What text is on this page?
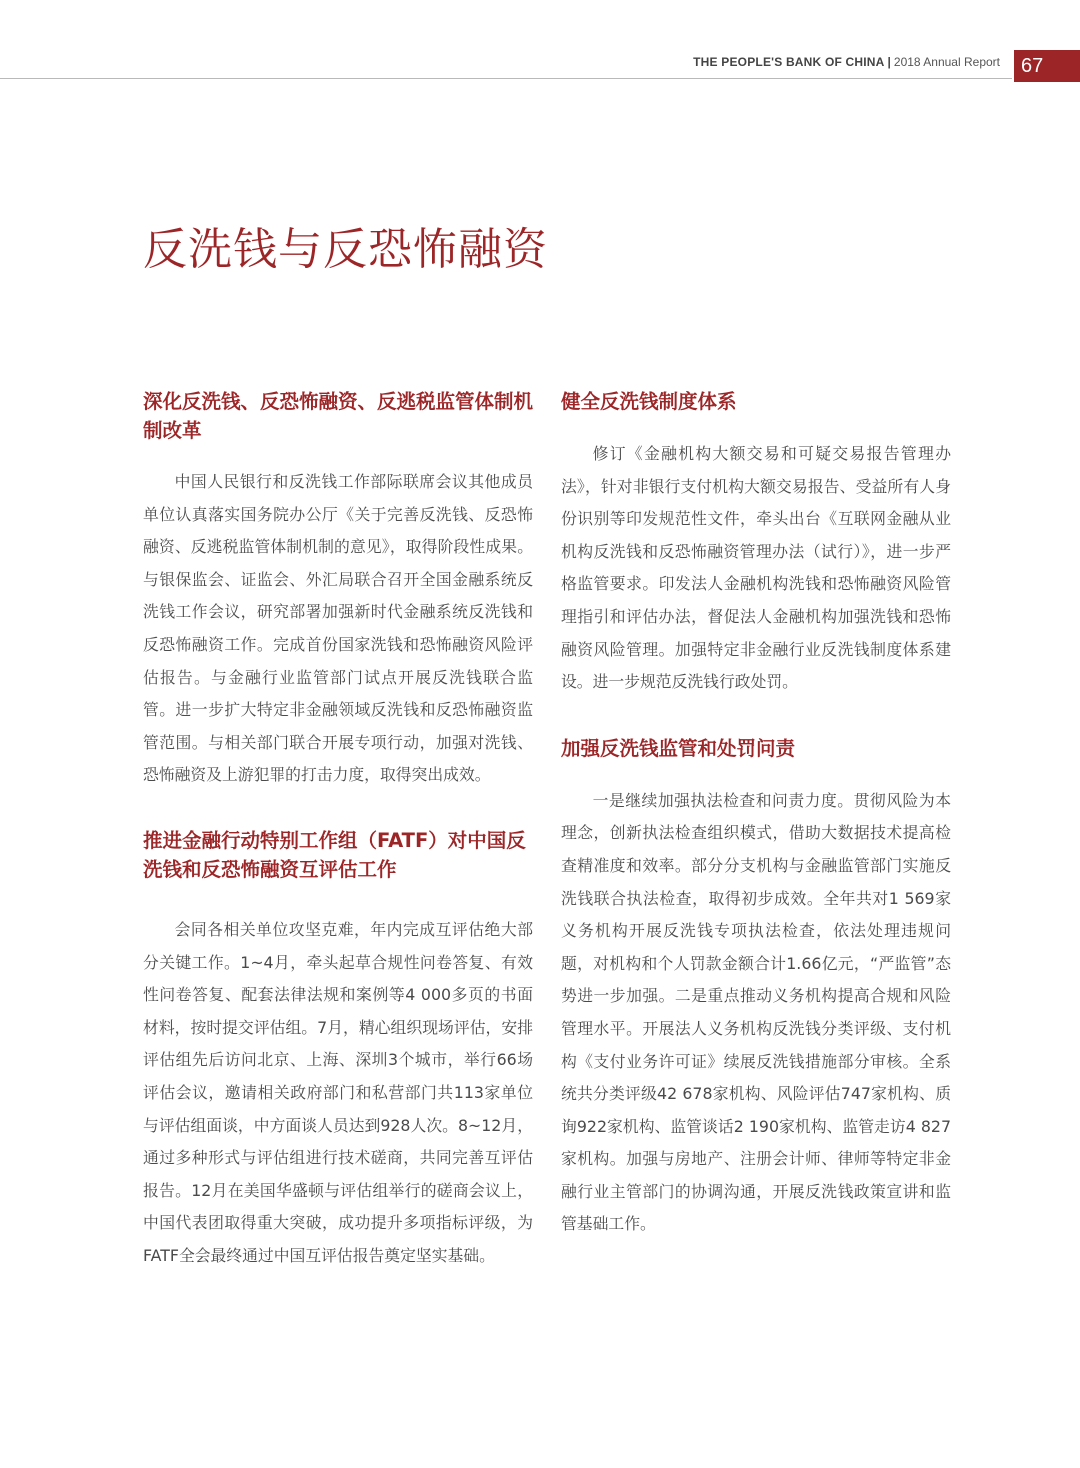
THE PEOPLE'S BANK OF CHINA | 2018 Annual Report	67
反洗钱与反恐怖融资
深化反洗钱、反恐怖融资、反逃税监管体制机制改革

中国人民银行和反洗钱工作部际联席会议其他成员单位认真落实国务院办公厅《关于完善反洗钱、反恐怖融资、反逃税监管体制机制的意见》，取得阶段性成果。与银保监会、证监会、外汇局联合召开全国金融系统反洗钱工作会议，研究部署加强新时代金融系统反洗钱和反恐怖融资工作。完成首份国家洗钱和恐怖融资风险评估报告。与金融行业监管部门试点开展反洗钱联合监管。进一步扩大特定非金融领域反洗钱和反恐怖融资监管范围。与相关部门联合开展专项行动，加强对洗钱、恐怖融资及上游犯罪的打击力度，取得突出成效。

推进金融行动特别工作组（FATF）对中国反洗钱和反恐怖融资互评估工作

会同各相关单位攻坚克难，年内完成互评估绝大部分关键工作。1~4月，牵头起草合规性问卷答复、有效性问卷答复、配套法律法规和案例等4 000多页的书面材料，按时提交评估组。7月，精心组织现场评估，安排评估组先后访问北京、上海、深圳3个城市，举行66场评估会议，邀请相关政府部门和私营部门共113家单位与评估组面谈，中方面谈人员达到928人次。8~12月，通过多种形式与评估组进行技术磋商，共同完善互评估报告。12月在美国华盛顿与评估组举行的磋商会议上，中国代表团取得重大突破，成功提升多项指标评级，为FATF全会最终通过中国互评估报告奠定坚实基础。

健全反洗钱制度体系

修订《金融机构大额交易和可疑交易报告管理办法》，针对非银行支付机构大额交易报告、受益所有人身份识别等印发规范性文件，牵头出台《互联网金融从业机构反洗钱和反恐怖融资管理办法（试行）》，进一步严格监管要求。印发法人金融机构洗钱和恐怖融资风险管理指引和评估办法，督促法人金融机构加强洗钱和恐怖融资风险管理。加强特定非金融行业反洗钱制度体系建设。进一步规范反洗钱行政处罚。

加强反洗钱监管和处罚问责

一是继续加强执法检查和问责力度。贯彻风险为本理念，创新执法检查组织模式，借助大数据技术提高检查精准度和效率。部分分支机构与金融监管部门实施反洗钱联合执法检查，取得初步成效。全年共对1 569家义务机构开展反洗钱专项执法检查，依法处理违规问题，对机构和个人罚款金额合计1.66亿元，“严监管”态势进一步加强。二是重点推动义务机构提高合规和风险管理水平。开展法人义务机构反洗钱分类评级、支付机构《支付业务许可证》续展反洗钱措施部分审核。全系统共分类评级42 678家机构、风险评估747家机构、质询922家机构、监管谈话2 190家机构、监管走访4 827家机构。加强与房地产、注册会计师、律师等特定非金融行业主管部门的协调沟通，开展反洗钱政策宣讲和监管基础工作。
